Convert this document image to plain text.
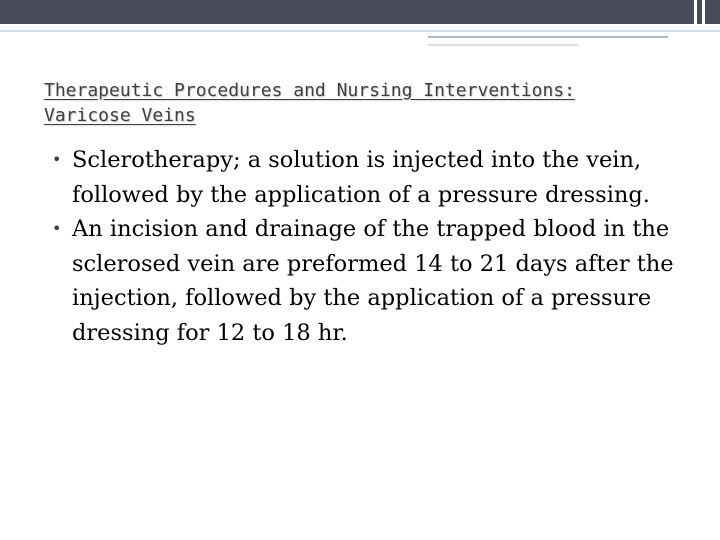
Therapeutic Procedures and Nursing Interventions:
Varicose Veins
• Sclerotherapy; a solution is injected into the vein, followed by the application of a pressure dressing.
• An incision and drainage of the trapped blood in the sclerosed vein are preformed 14 to 21 days after the injection, followed by the application of a pressure dressing for 12 to 18 hr.
